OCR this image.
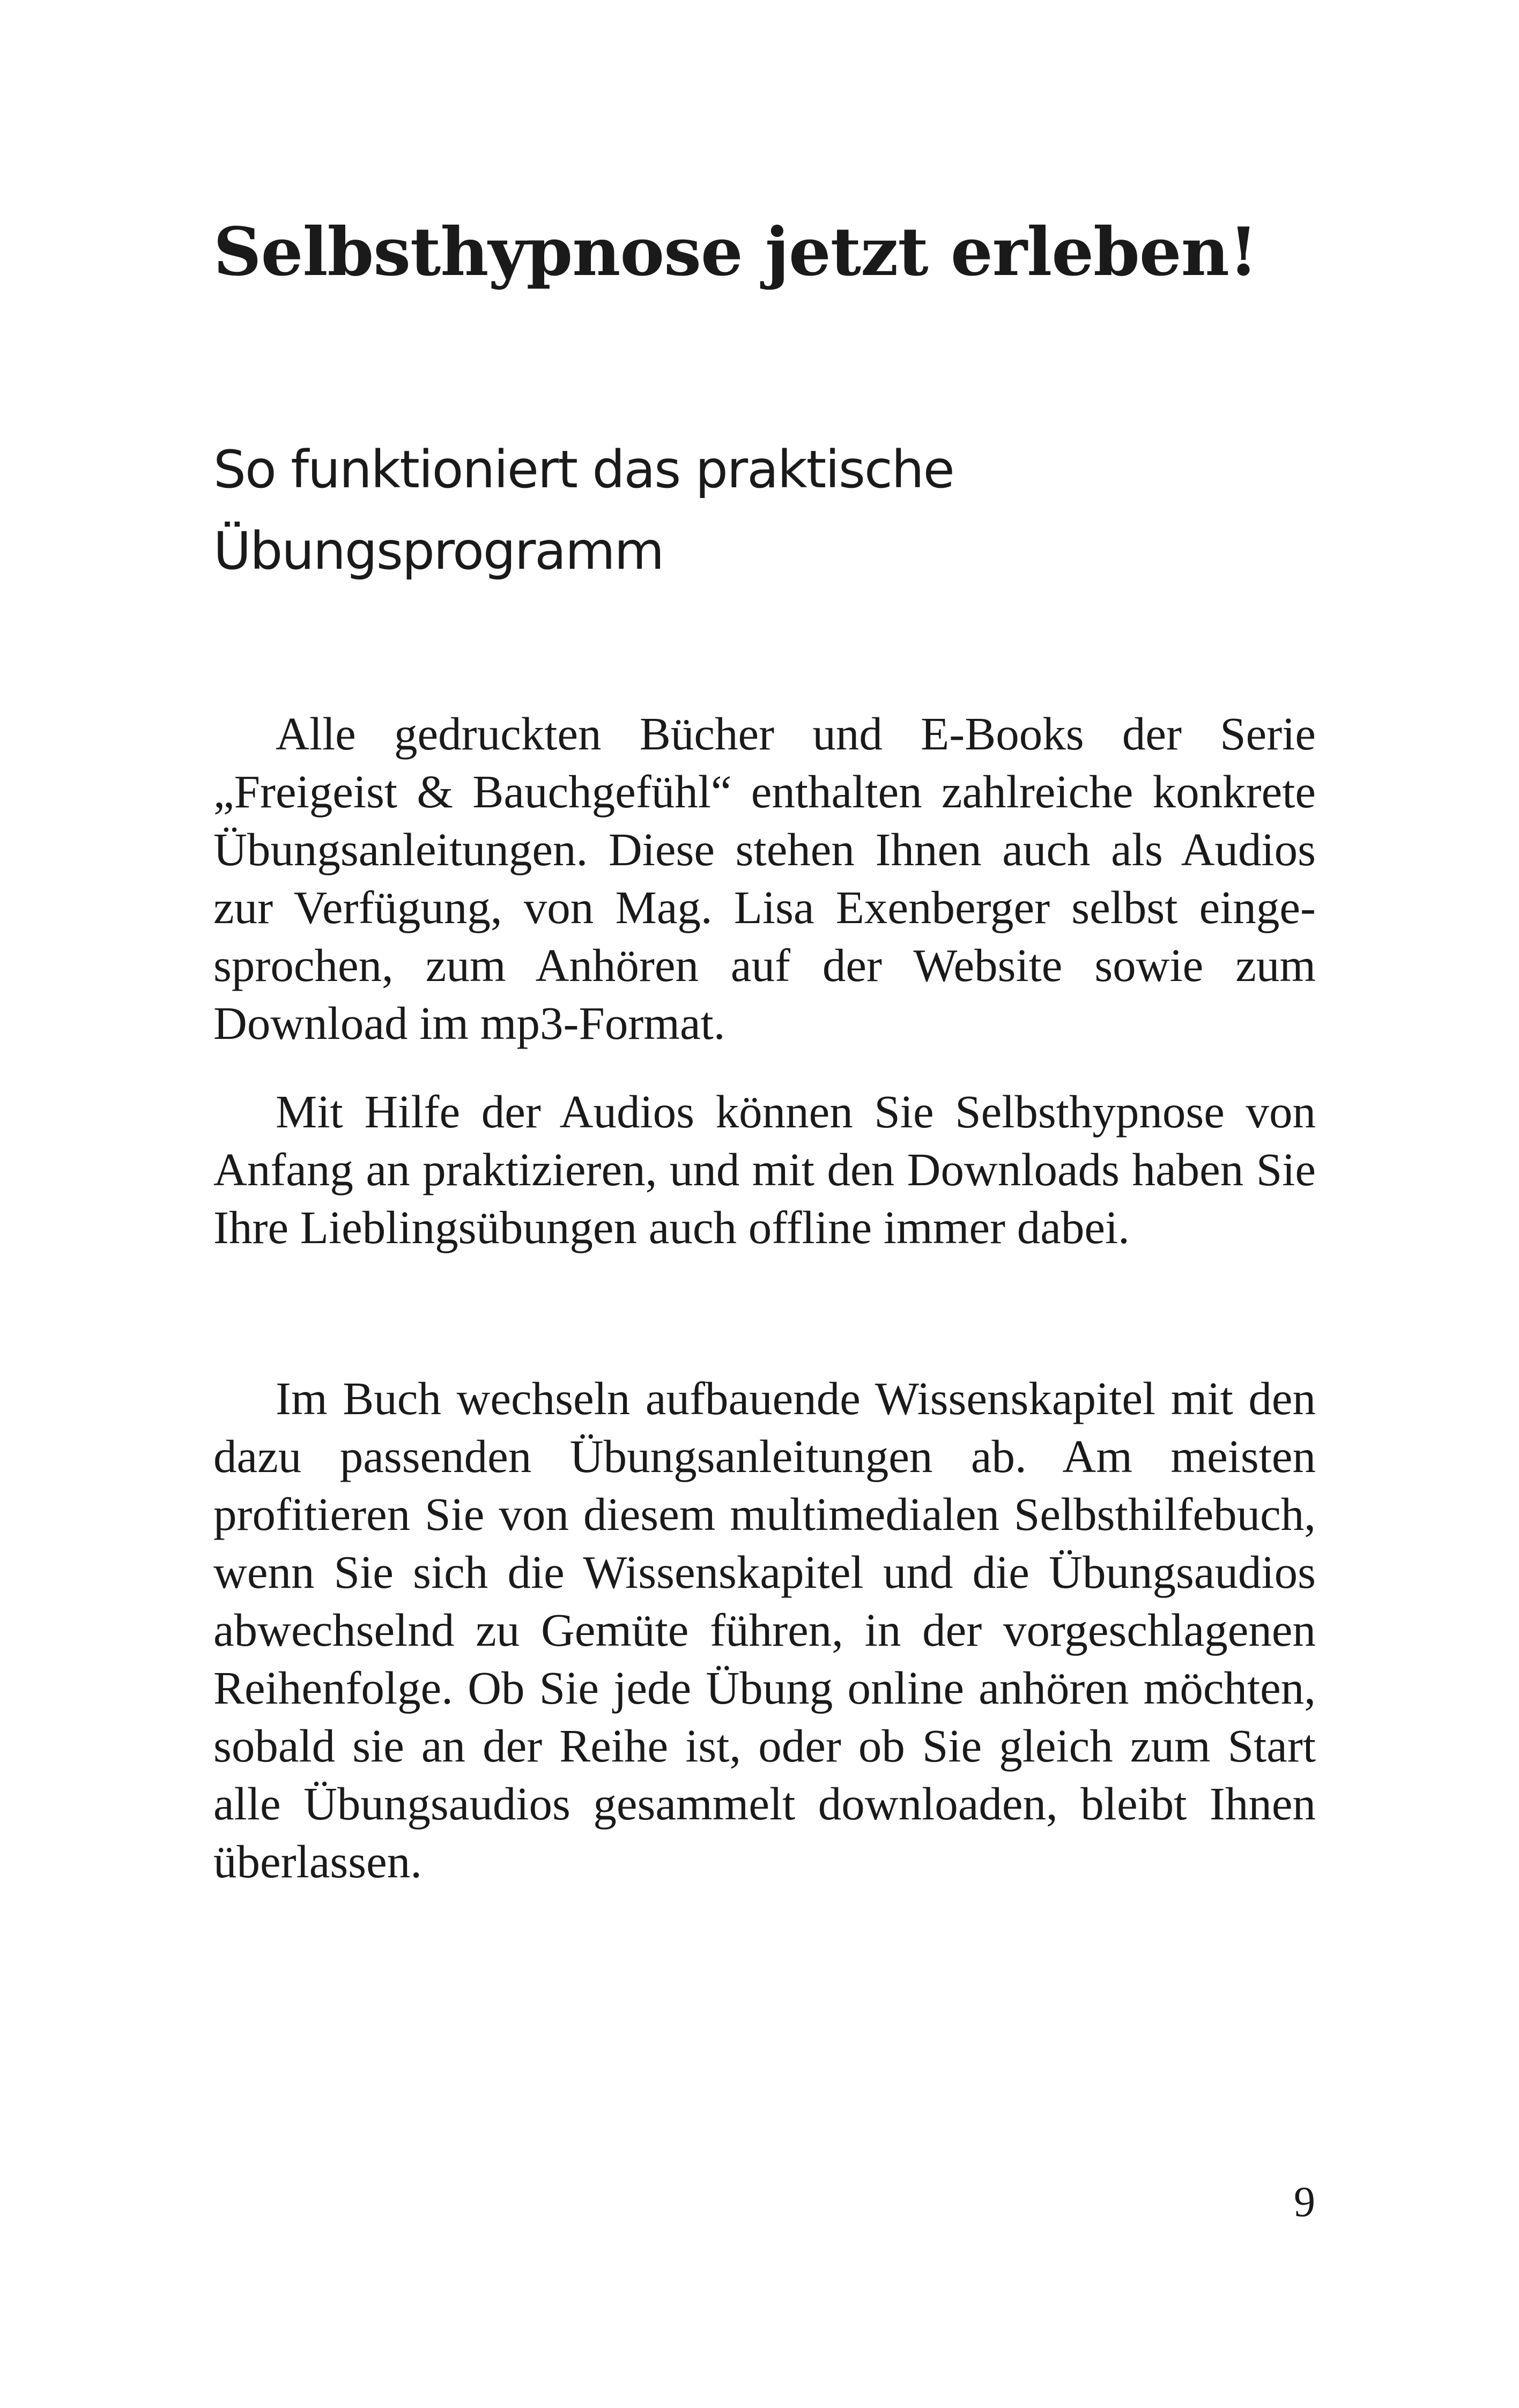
Selbsthypnose jetzt erleben!
So funktioniert das praktische Übungsprogramm

Alle gedruckten Bücher und E-Books der Serie „Freigeist & Bauchgefühl“ enthalten zahlreiche konkrete Übungsanleitungen. Diese stehen Ihnen auch als Audios zur Verfügung, von Mag. Lisa Exenberger selbst eingesprochen, zum Anhören auf der Website sowie zum Download im mp3-Format.

Mit Hilfe der Audios können Sie Selbsthypnose von Anfang an praktizieren, und mit den Downloads haben Sie Ihre Lieblingsübungen auch offline immer dabei.

Im Buch wechseln aufbauende Wissenskapitel mit den dazu passenden Übungsanleitungen ab. Am meisten profitieren Sie von diesem multimedialen Selbsthilfebuch, wenn Sie sich die Wissenskapitel und die Übungsaudios abwechselnd zu Gemüte führen, in der vorgeschlagenen Reihenfolge. Ob Sie jede Übung online anhören möchten, sobald sie an der Reihe ist, oder ob Sie gleich zum Start alle Übungsaudios gesammelt downloaden, bleibt Ihnen überlassen.

9
